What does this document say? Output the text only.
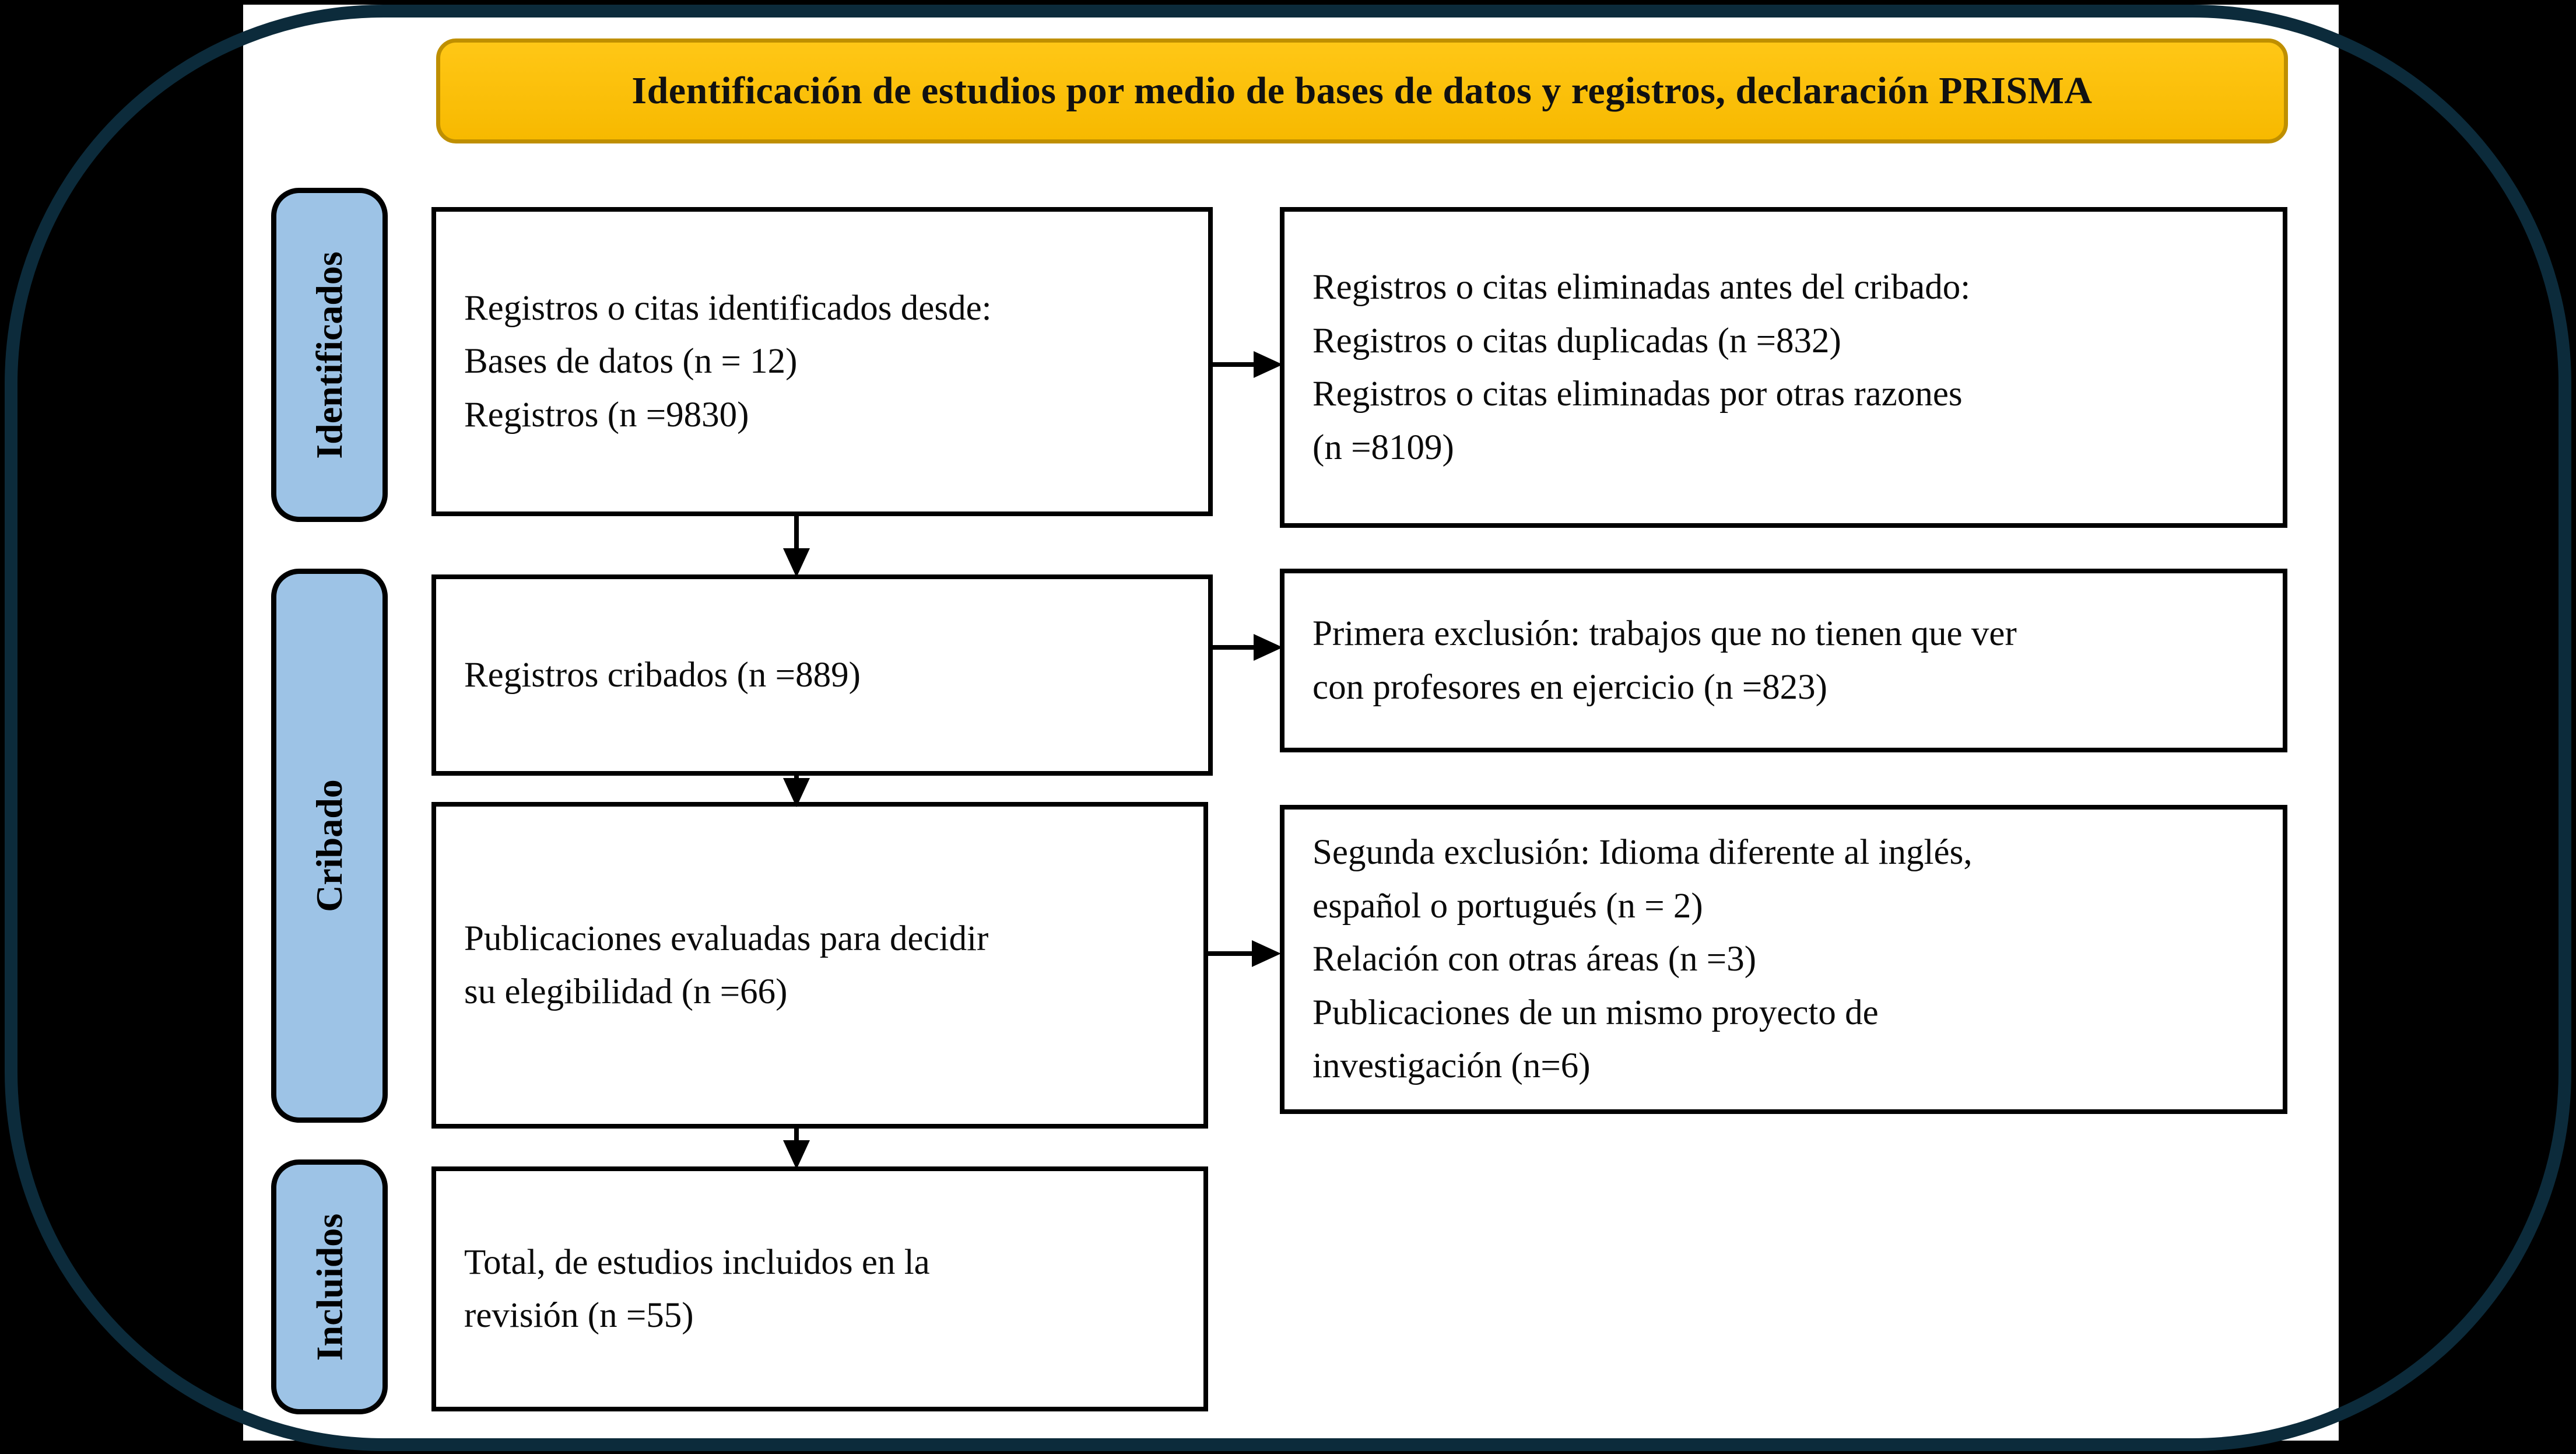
Identificación de estudios por medio de bases de datos y registros, declaración PRISMA
Identificados
Cribado
Incluidos
Registros o citas identificados desde:
Bases de datos (n = 12)
Registros (n =9830)
Registros o citas eliminadas antes del cribado:
Registros o citas duplicadas (n =832)
Registros o citas eliminadas por otras razones
(n =8109)
Registros cribados (n =889)
Primera exclusión: trabajos que no tienen que ver
con profesores en ejercicio (n =823)
Publicaciones evaluadas para decidir
su elegibilidad (n =66)
Segunda exclusión: Idioma diferente al inglés,
español o portugués (n = 2)
Relación con otras áreas (n =3)
Publicaciones de un mismo proyecto de
investigación (n=6)
Total, de estudios incluidos en la
revisión (n =55)
